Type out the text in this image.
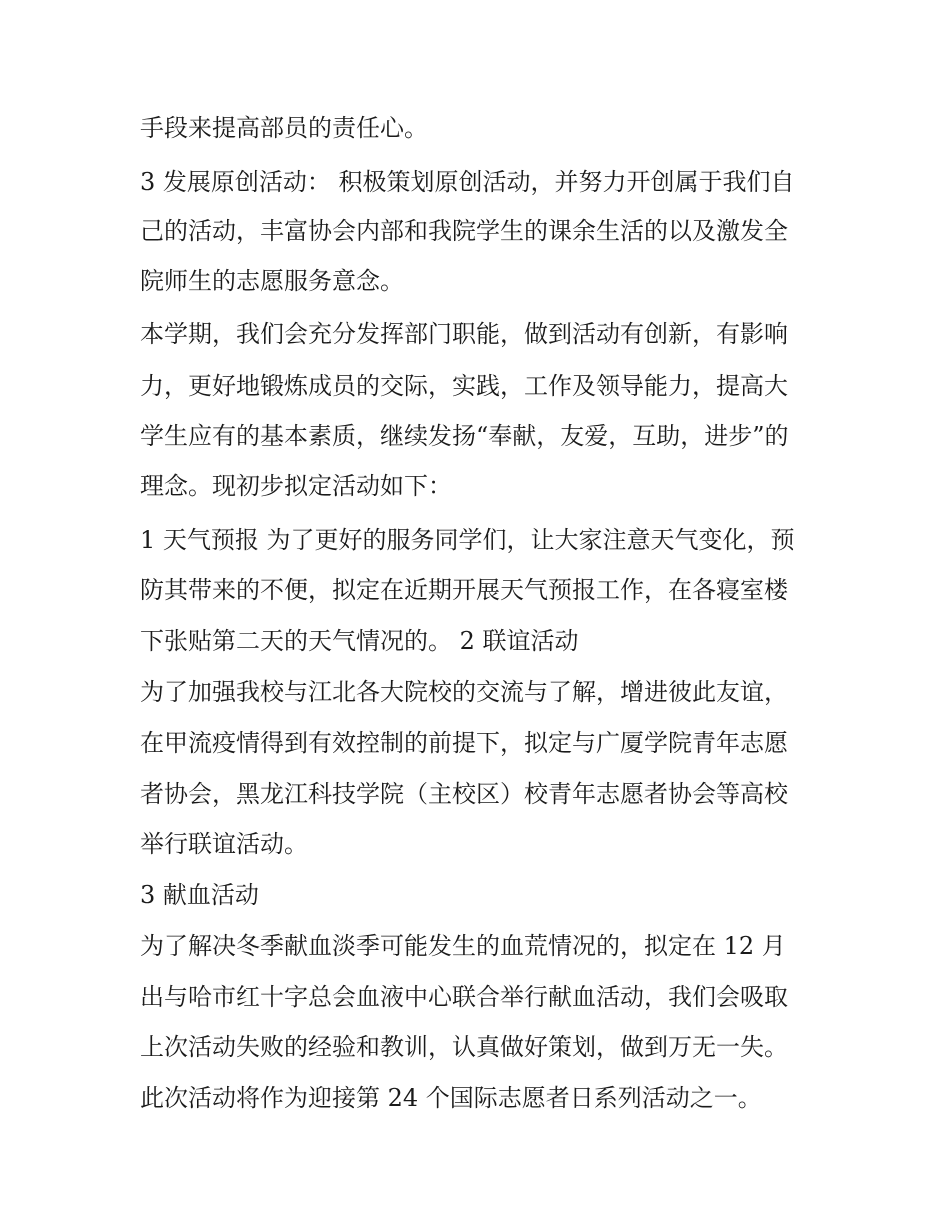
手段来提高部员的责任心。
3 发展原创活动： 积极策划原创活动，并努力开创属于我们自
己的活动，丰富协会内部和我院学生的课余生活的以及激发全
院师生的志愿服务意念。
本学期，我们会充分发挥部门职能，做到活动有创新，有影响
力，更好地锻炼成员的交际，实践，工作及领导能力，提高大
学生应有的基本素质，继续发扬“奉献，友爱，互助，进步”的
理念。现初步拟定活动如下：
1 天气预报 为了更好的服务同学们，让大家注意天气变化，预
防其带来的不便，拟定在近期开展天气预报工作，在各寝室楼
下张贴第二天的天气情况的。 2 联谊活动
为了加强我校与江北各大院校的交流与了解，增进彼此友谊，
在甲流疫情得到有效控制的前提下，拟定与广厦学院青年志愿
者协会，黑龙江科技学院（主校区）校青年志愿者协会等高校
举行联谊活动。
3 献血活动
为了解决冬季献血淡季可能发生的血荒情况的，拟定在 12 月
出与哈市红十字总会血液中心联合举行献血活动，我们会吸取
上次活动失败的经验和教训，认真做好策划，做到万无一失。
此次活动将作为迎接第 24 个国际志愿者日系列活动之一。
